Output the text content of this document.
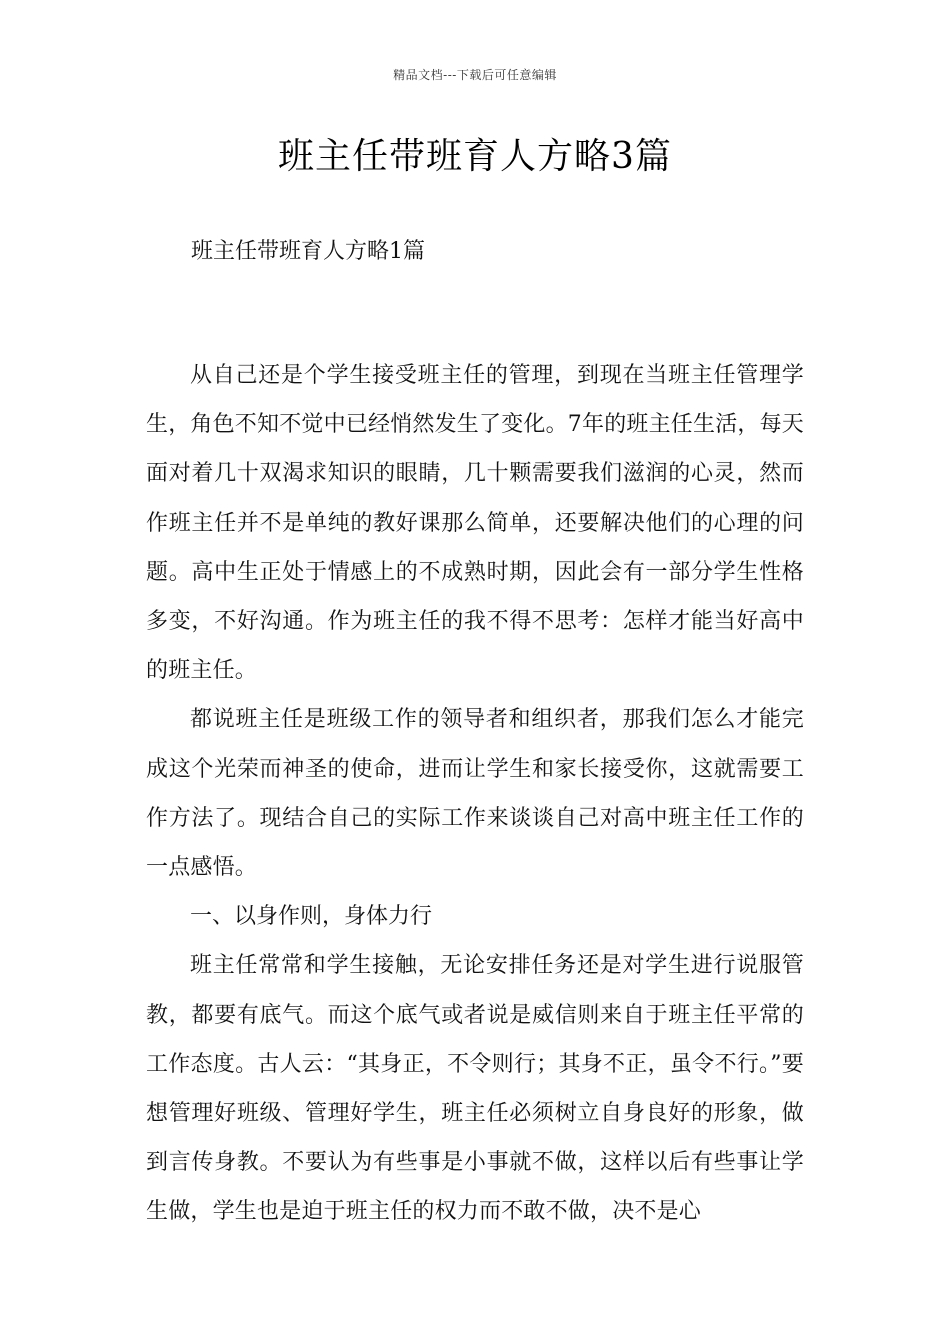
精品文档---下载后可任意编辑
班主任带班育人方略3篇

班主任带班育人方略1篇

从自己还是个学生接受班主任的管理，到现在当班主任管理学生，角色不知不觉中已经悄然发生了变化。7年的班主任生活，每天面对着几十双渴求知识的眼睛，几十颗需要我们滋润的心灵，然而作班主任并不是单纯的教好课那么简单，还要解决他们的心理的问题。高中生正处于情感上的不成熟时期，因此会有一部分学生性格多变，不好沟通。作为班主任的我不得不思考：怎样才能当好高中的班主任。

都说班主任是班级工作的领导者和组织者，那我们怎么才能完成这个光荣而神圣的使命，进而让学生和家长接受你，这就需要工作方法了。现结合自己的实际工作来谈谈自己对高中班主任工作的一点感悟。

一、以身作则，身体力行

班主任常常和学生接触，无论安排任务还是对学生进行说服管教，都要有底气。而这个底气或者说是威信则来自于班主任平常的工作态度。古人云：“其身正，不令则行；其身不正，虽令不行。”要想管理好班级、管理好学生，班主任必须树立自身良好的形象，做到言传身教。不要认为有些事是小事就不做，这样以后有些事让学生做，学生也是迫于班主任的权力而不敢不做，决不是心
